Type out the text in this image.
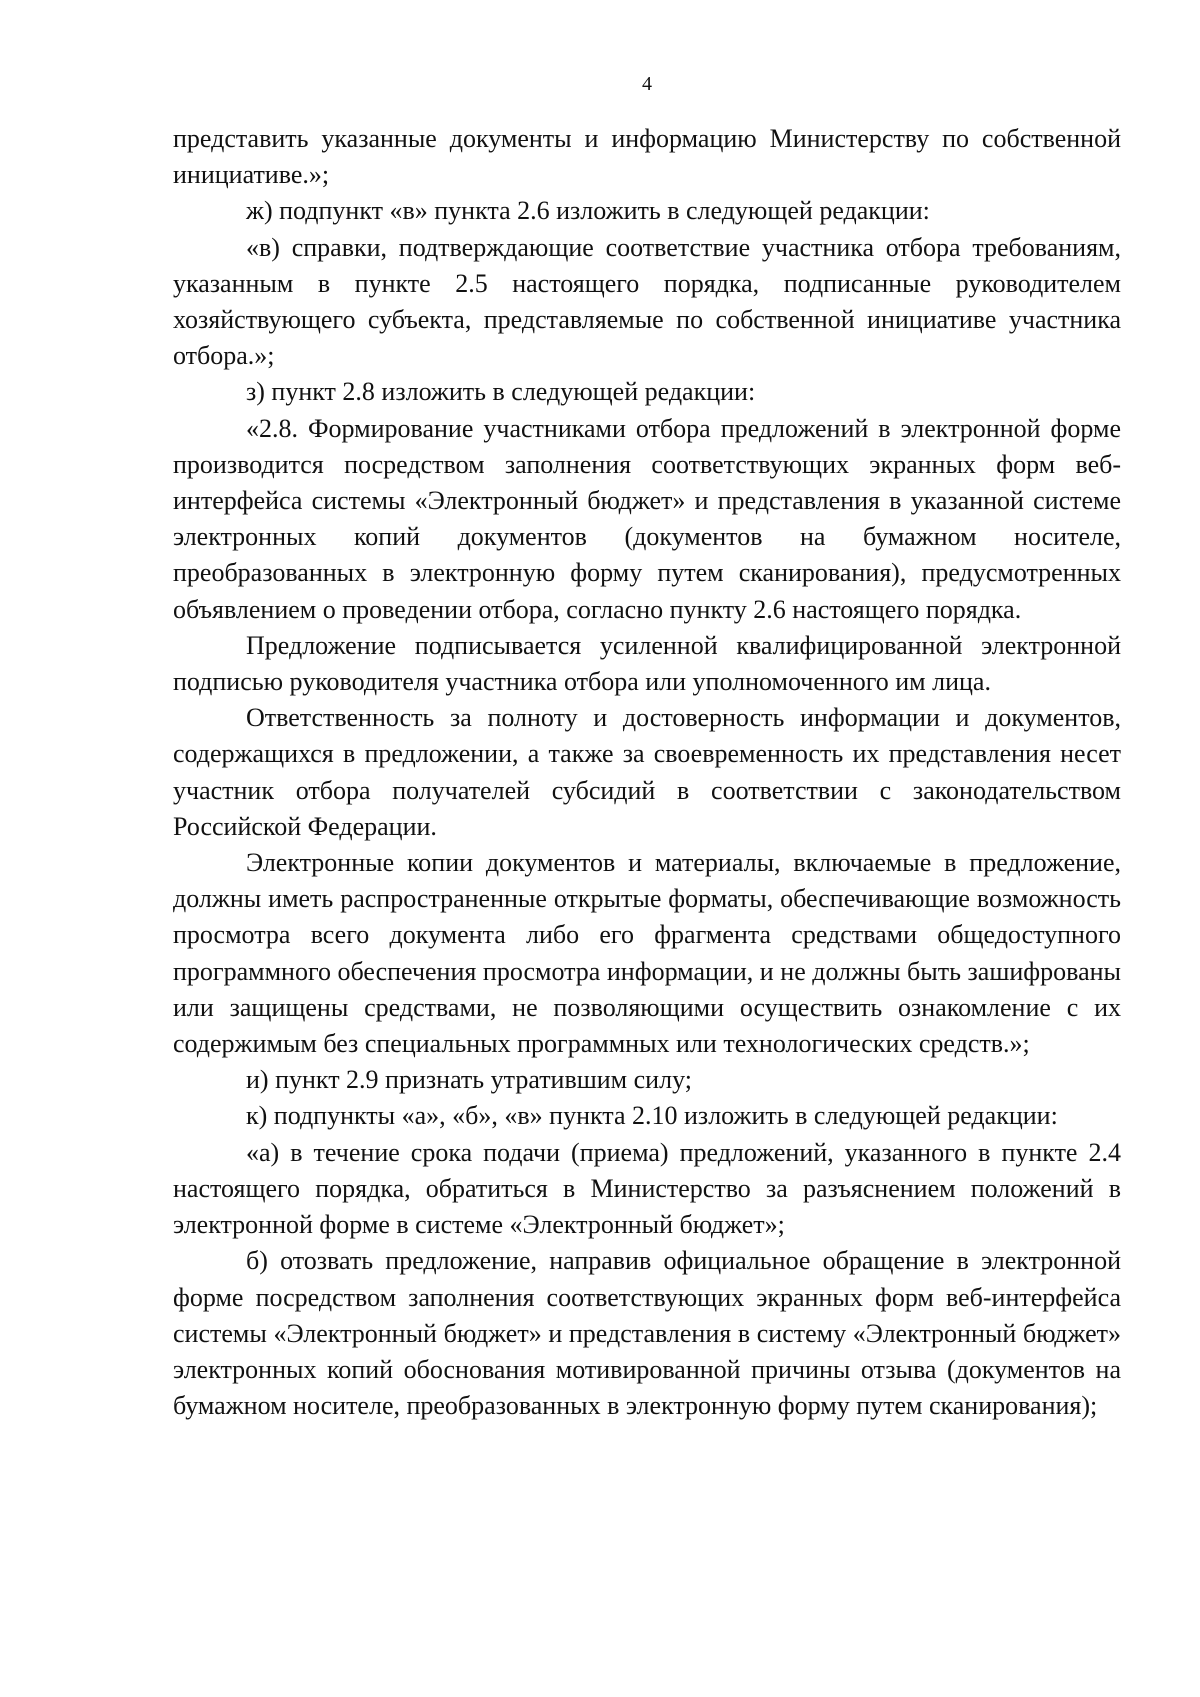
4

представить указанные документы и информацию Министерству по собственной инициативе.»;

ж) подпункт «в» пункта 2.6 изложить в следующей редакции:

«в) справки, подтверждающие соответствие участника отбора требованиям, указанным в пункте 2.5 настоящего порядка, подписанные руководителем хозяйствующего субъекта, представляемые по собственной инициативе участника отбора.»;

з) пункт 2.8 изложить в следующей редакции:

«2.8. Формирование участниками отбора предложений в электронной форме производится посредством заполнения соответствующих экранных форм веб-интерфейса системы «Электронный бюджет» и представления в указанной системе электронных копий документов (документов на бумажном носителе, преобразованных в электронную форму путем сканирования), предусмотренных объявлением о проведении отбора, согласно пункту 2.6 настоящего порядка.

Предложение подписывается усиленной квалифицированной электронной подписью руководителя участника отбора или уполномоченного им лица.

Ответственность за полноту и достоверность информации и документов, содержащихся в предложении, а также за своевременность их представления несет участник отбора получателей субсидий в соответствии с законодательством Российской Федерации.

Электронные копии документов и материалы, включаемые в предложение, должны иметь распространенные открытые форматы, обеспечивающие возможность просмотра всего документа либо его фрагмента средствами общедоступного программного обеспечения просмотра информации, и не должны быть зашифрованы или защищены средствами, не позволяющими осуществить ознакомление с их содержимым без специальных программных или технологических средств.»;

и) пункт 2.9 признать утратившим силу;

к) подпункты «а», «б», «в» пункта 2.10 изложить в следующей редакции:

«а) в течение срока подачи (приема) предложений, указанного в пункте 2.4 настоящего порядка, обратиться в Министерство за разъяснением положений в электронной форме в системе «Электронный бюджет»;

б) отозвать предложение, направив официальное обращение в электронной форме посредством заполнения соответствующих экранных форм веб-интерфейса системы «Электронный бюджет» и представления в систему «Электронный бюджет» электронных копий обоснования мотивированной причины отзыва (документов на бумажном носителе, преобразованных в электронную форму путем сканирования);
